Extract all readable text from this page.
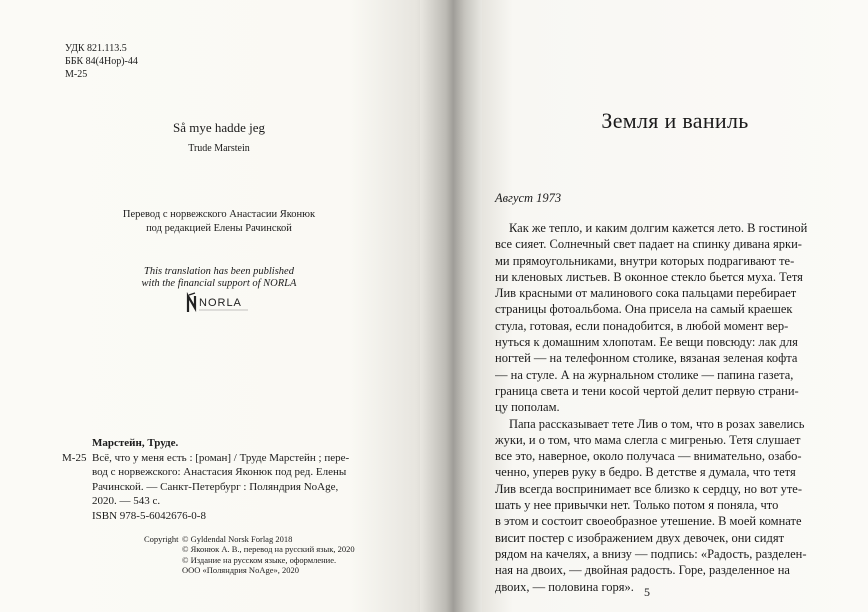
УДК 821.113.5
ББК 84(4Нор)-44
М-25
Så mye hadde jeg
Trude Marstein
Перевод с норвежского Анастасии Яконюк
под редакцией Елены Рачинской
This translation has been published
with the financial support of NORLA
NORLA
Марстейн, Труде.
М-25 Всё, что у меня есть : [роман] / Труде Марстейн ; пере-
вод с норвежского: Анастасия Яконюк под ред. Елены
Рачинской. — Санкт-Петербург : Поляндрия NoAge,
2020. — 543 с.
ISBN 978-5-6042676-0-8
Copyright © Gyldendal Norsk Forlag 2018
© Яконюк А. В., перевод на русский язык, 2020
© Издание на русском языке, оформление.
ООО «Поляндрия NoAge», 2020
Земля и ваниль
Август 1973
Как же тепло, и каким долгим кажется лето. В гостиной
все сияет. Солнечный свет падает на спинку дивана ярки-
ми прямоугольниками, внутри которых подрагивают те-
ни кленовых листьев. В оконное стекло бьется муха. Тетя
Лив красными от малинового сока пальцами перебирает
страницы фотоальбома. Она присела на самый краешек
стула, готовая, если понадобится, в любой момент вер-
нуться к домашним хлопотам. Ее вещи повсюду: лак для
ногтей — на телефонном столике, вязаная зеленая кофта
— на стуле. А на журнальном столике — папина газета,
граница света и тени косой чертой делит первую страни-
цу пополам.
Папа рассказывает тете Лив о том, что в розах завелись
жуки, и о том, что мама слегла с мигренью. Тетя слушает
все это, наверное, около получаса — внимательно, озабо-
ченно, уперев руку в бедро. В детстве я думала, что тетя
Лив всегда воспринимает все близко к сердцу, но вот уте-
шать у нее привычки нет. Только потом я поняла, что
в этом и состоит своеобразное утешение. В моей комнате
висит постер с изображением двух девочек, они сидят
рядом на качелях, а внизу — подпись: «Радость, разделен-
ная на двоих, — двойная радость. Горе, разделенное на
двоих, — половина горя». 5
